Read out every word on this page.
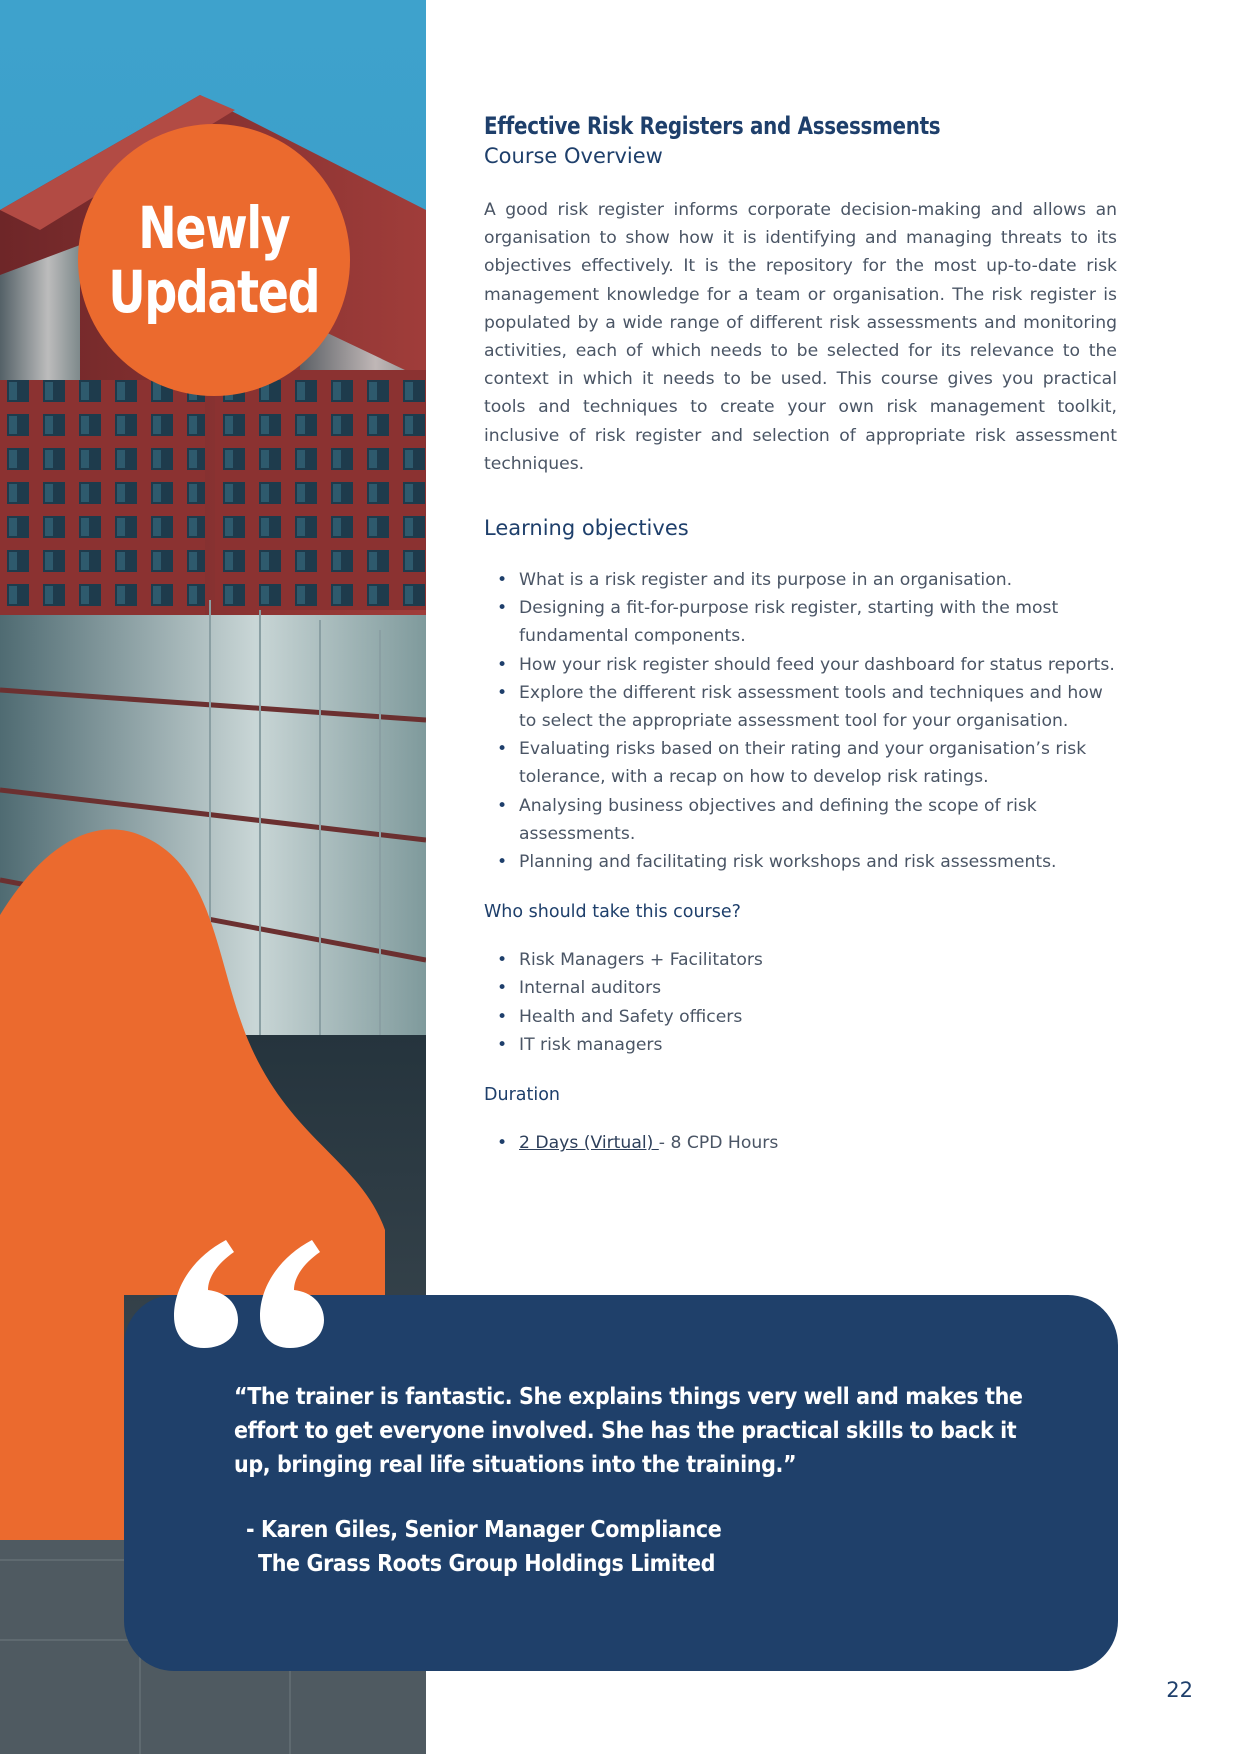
Newly
Updated
Effective Risk Registers and Assessments
Course Overview

A good risk register informs corporate decision-making and allows an organisation to show how it is identifying and managing threats to its objectives effectively. It is the repository for the most up-to-date risk management knowledge for a team or organisation. The risk register is populated by a wide range of different risk assessments and monitoring activities, each of which needs to be selected for its relevance to the context in which it needs to be used. This course gives you practical tools and techniques to create your own risk management toolkit, inclusive of risk register and selection of appropriate risk assessment techniques.

Learning objectives
• What is a risk register and its purpose in an organisation.
• Designing a fit-for-purpose risk register, starting with the most fundamental components.
• How your risk register should feed your dashboard for status reports.
• Explore the different risk assessment tools and techniques and how to select the appropriate assessment tool for your organisation.
• Evaluating risks based on their rating and your organisation’s risk tolerance, with a recap on how to develop risk ratings.
• Analysing business objectives and defining the scope of risk assessments.
• Planning and facilitating risk workshops and risk assessments.
Who should take this course?
• Risk Managers + Facilitators
• Internal auditors
• Health and Safety officers
• IT risk managers
Duration
• 2 Days (Virtual) - 8 CPD Hours

“The trainer is fantastic. She explains things very well and makes the effort to get everyone involved. She has the practical skills to back it up, bringing real life situations into the training.”

- Karen Giles, Senior Manager Compliance
The Grass Roots Group Holdings Limited

22
